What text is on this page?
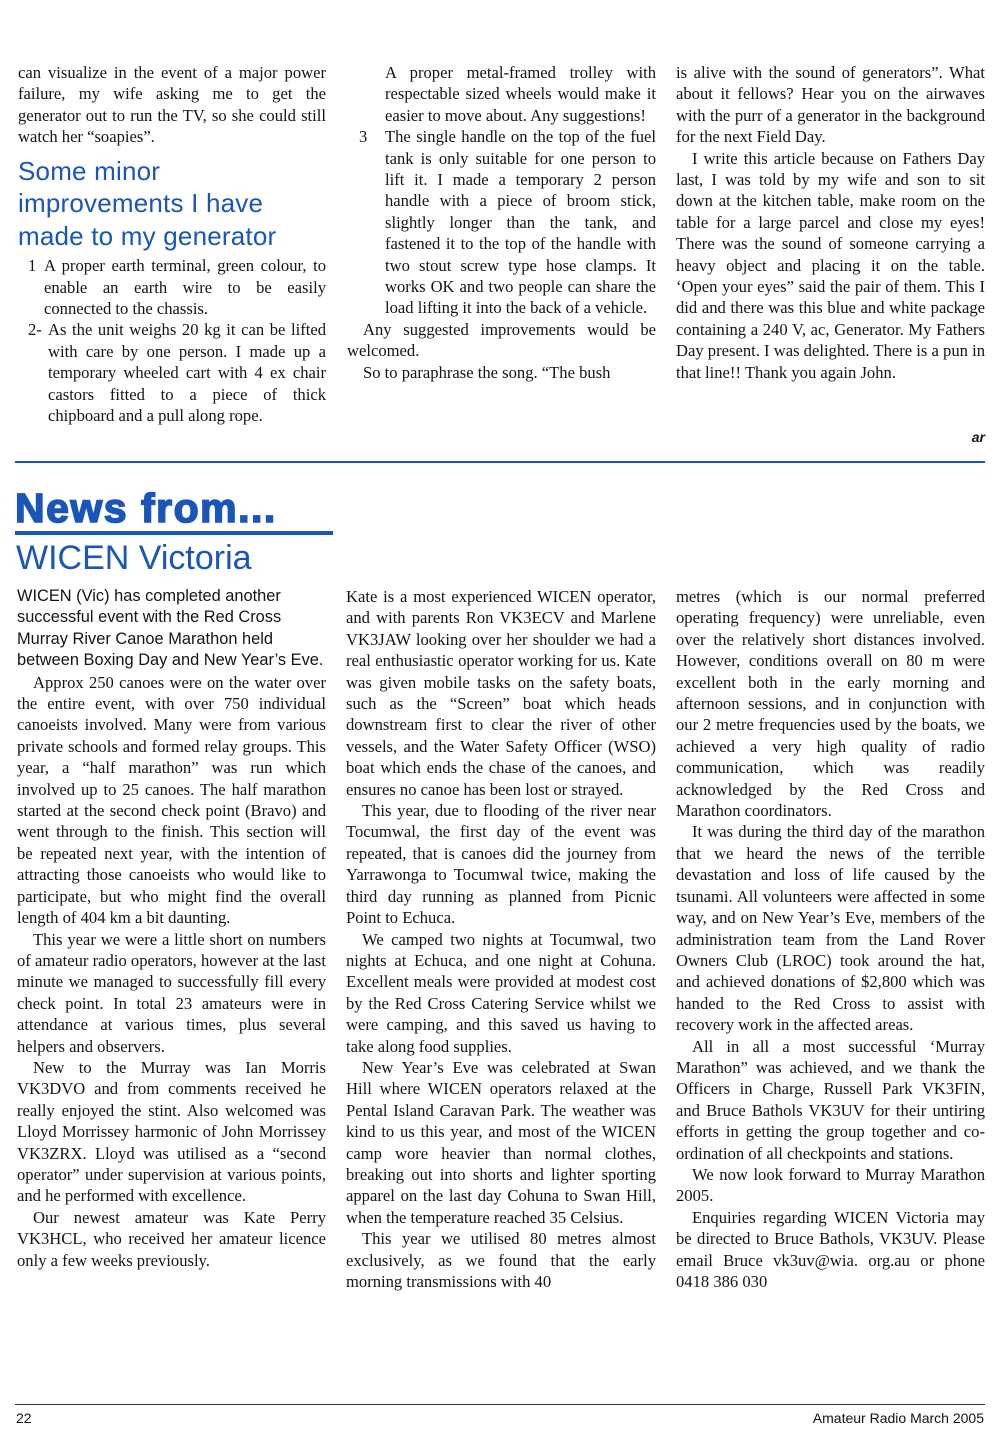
can visualize in the event of a major power failure, my wife asking me to get the generator out to run the TV, so she could still watch her “soapies”.

Some minor improvements I have made to my generator
1 A proper earth terminal, green colour, to enable an earth wire to be easily connected to the chassis.
2- As the unit weighs 20 kg it can be lifted with care by one person. I made up a temporary wheeled cart with 4 ex chair castors fitted to a piece of thick chipboard and a pull along rope.

A proper metal-framed trolley with respectable sized wheels would make it easier to move about. Any suggestions!

3	The single handle on the top of the fuel tank is only suitable for one person to lift it. I made a temporary 2 person handle with a piece of broom stick, slightly longer than the tank, and fastened it to the top of the handle with two stout screw type hose clamps. It works OK and two people can share the load lifting it into the back of a vehicle.

Any suggested improvements would be welcomed.

So to paraphrase the song. “The bush

is alive with the sound of generators”. What about it fellows? Hear you on the airwaves with the purr of a generator in the background for the next Field Day.

I write this article because on Fathers Day last, I was told by my wife and son to sit down at the kitchen table, make room on the table for a large parcel and close my eyes! There was the sound of someone carrying a heavy object and placing it on the table. ‘Open your eyes” said the pair of them. This I did and there was this blue and white package containing a 240 V, ac, Generator. My Fathers Day present. I was delighted. There is a pun in that line!! Thank you again John.

ar
News from...
WICEN Victoria

WICEN (Vic) has completed another successful event with the Red Cross Murray River Canoe Marathon held between Boxing Day and New Year’s Eve.

Approx 250 canoes were on the water over the entire event, with over 750 individual canoeists involved. Many were from various private schools and formed relay groups. This year, a “half marathon” was run which involved up to 25 canoes. The half marathon started at the second check point (Bravo) and went through to the finish. This section will be repeated next year, with the intention of attracting those canoeists who would like to participate, but who might find the overall length of 404 km a bit daunting.

This year we were a little short on numbers of amateur radio operators, however at the last minute we managed to successfully fill every check point. In total 23 amateurs were in attendance at various times, plus several helpers and observers.

New to the Murray was Ian Morris VK3DVO and from comments received he really enjoyed the stint. Also welcomed was Lloyd Morrissey harmonic of John Morrissey VK3ZRX. Lloyd was utilised as a “second operator” under supervision at various points, and he performed with excellence.

Our newest amateur was Kate Perry VK3HCL, who received her amateur licence only a few weeks previously.

Kate is a most experienced WICEN operator, and with parents Ron VK3ECV and Marlene VK3JAW looking over her shoulder we had a real enthusiastic operator working for us. Kate was given mobile tasks on the safety boats, such as the “Screen” boat which heads downstream first to clear the river of other vessels, and the Water Safety Officer (WSO) boat which ends the chase of the canoes, and ensures no canoe has been lost or strayed.

This year, due to flooding of the river near Tocumwal, the first day of the event was repeated, that is canoes did the journey from Yarrawonga to Tocumwal twice, making the third day running as planned from Picnic Point to Echuca.

We camped two nights at Tocumwal, two nights at Echuca, and one night at Cohuna. Excellent meals were provided at modest cost by the Red Cross Catering Service whilst we were camping, and this saved us having to take along food supplies.

New Year’s Eve was celebrated at Swan Hill where WICEN operators relaxed at the Pental Island Caravan Park. The weather was kind to us this year, and most of the WICEN camp wore heavier than normal clothes, breaking out into shorts and lighter sporting apparel on the last day Cohuna to Swan Hill, when the temperature reached 35 Celsius.

This year we utilised 80 metres almost exclusively, as we found that the early morning transmissions with 40

metres (which is our normal preferred operating frequency) were unreliable, even over the relatively short distances involved. However, conditions overall on 80 m were excellent both in the early morning and afternoon sessions, and in conjunction with our 2 metre frequencies used by the boats, we achieved a very high quality of radio communication, which was readily acknowledged by the Red Cross and Marathon coordinators.

It was during the third day of the marathon that we heard the news of the terrible devastation and loss of life caused by the tsunami. All volunteers were affected in some way, and on New Year’s Eve, members of the administration team from the Land Rover Owners Club (LROC) took around the hat, and achieved donations of $2,800 which was handed to the Red Cross to assist with recovery work in the affected areas.

All in all a most successful ‘Murray Marathon” was achieved, and we thank the Officers in Charge, Russell Park VK3FIN, and Bruce Bathols VK3UV for their untiring efforts in getting the group together and co-ordination of all checkpoints and stations.

We now look forward to Murray Marathon 2005.

Enquiries regarding WICEN Victoria may be directed to Bruce Bathols, VK3UV. Please email Bruce vk3uv@wia. org.au or phone 0418 386 030

22	Amateur Radio March 2005
